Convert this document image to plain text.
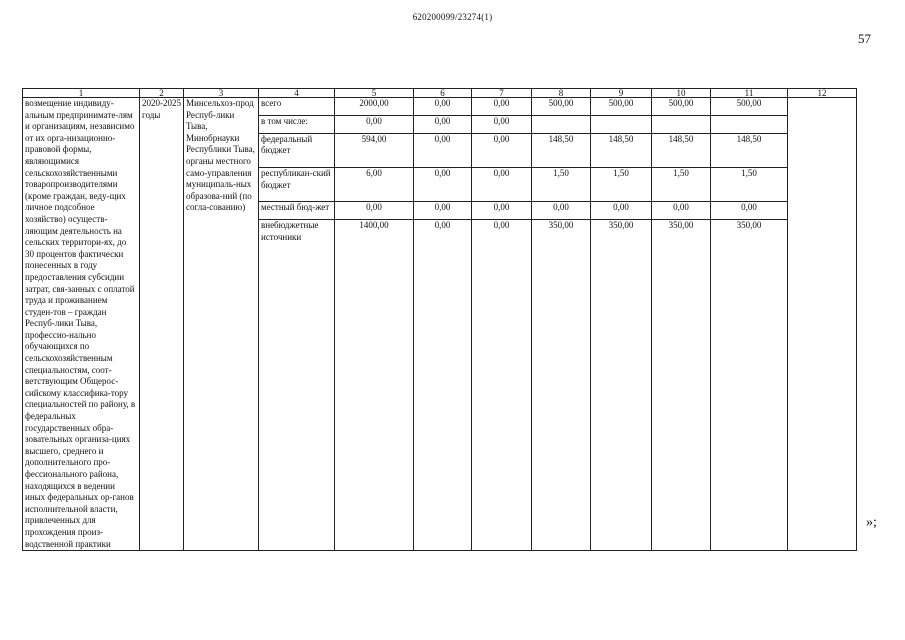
620200099/23274(1)
57
1	2	3	4	5	6	7	8	9	10	11	12
возмещение индивиду-альным предпринимате-лям и организациям, независимо от их орга-низационно-правовой формы, являющимися сельскохозяйственными товаропроизводителями (кроме граждан, веду-щих личное подсобное хозяйство) осуществ-ляющим деятельность на сельских территори-ях, до 30 процентов фактически понесенных в году предоставления субсидии затрат, свя-занных с оплатой труда и проживанием студен-тов – граждан Респуб-лики Тыва, професcио-нально обучающихся по сельскохозяйственным специальностям, соот-ветствующим Общерос-сийскому классифика-тору специальностей по району, в федеральных государственных обра-зовательных организа-циях высшего, среднего и дополнительного про-фессионального района, находящихся в ведении иных федеральных ор-ганов исполнительной власти, привлеченных для прохождения произ-водственной практики	2020-2025 годы	Минсельхоз-прод Респуб-лики Тыва, Минобрнауки Республики Тыва, органы местного само-управления муниципаль-ных образова-ний (по согла-сованию)	всего	2000,00	0,00	0,00	500,00	500,00	500,00	500,00	
			в том числе:	0,00	0,00	0,00					
			федеральный бюджет	594,00	0,00	0,00	148,50	148,50	148,50	148,50	
			республикан-ский бюджет	6,00	0,00	0,00	1,50	1,50	1,50	1,50	
			местный бюд-жет	0,00	0,00	0,00	0,00	0,00	0,00	0,00	
			внебюджетные источники	1400,00	0,00	0,00	350,00	350,00	350,00	350,00	
»;
